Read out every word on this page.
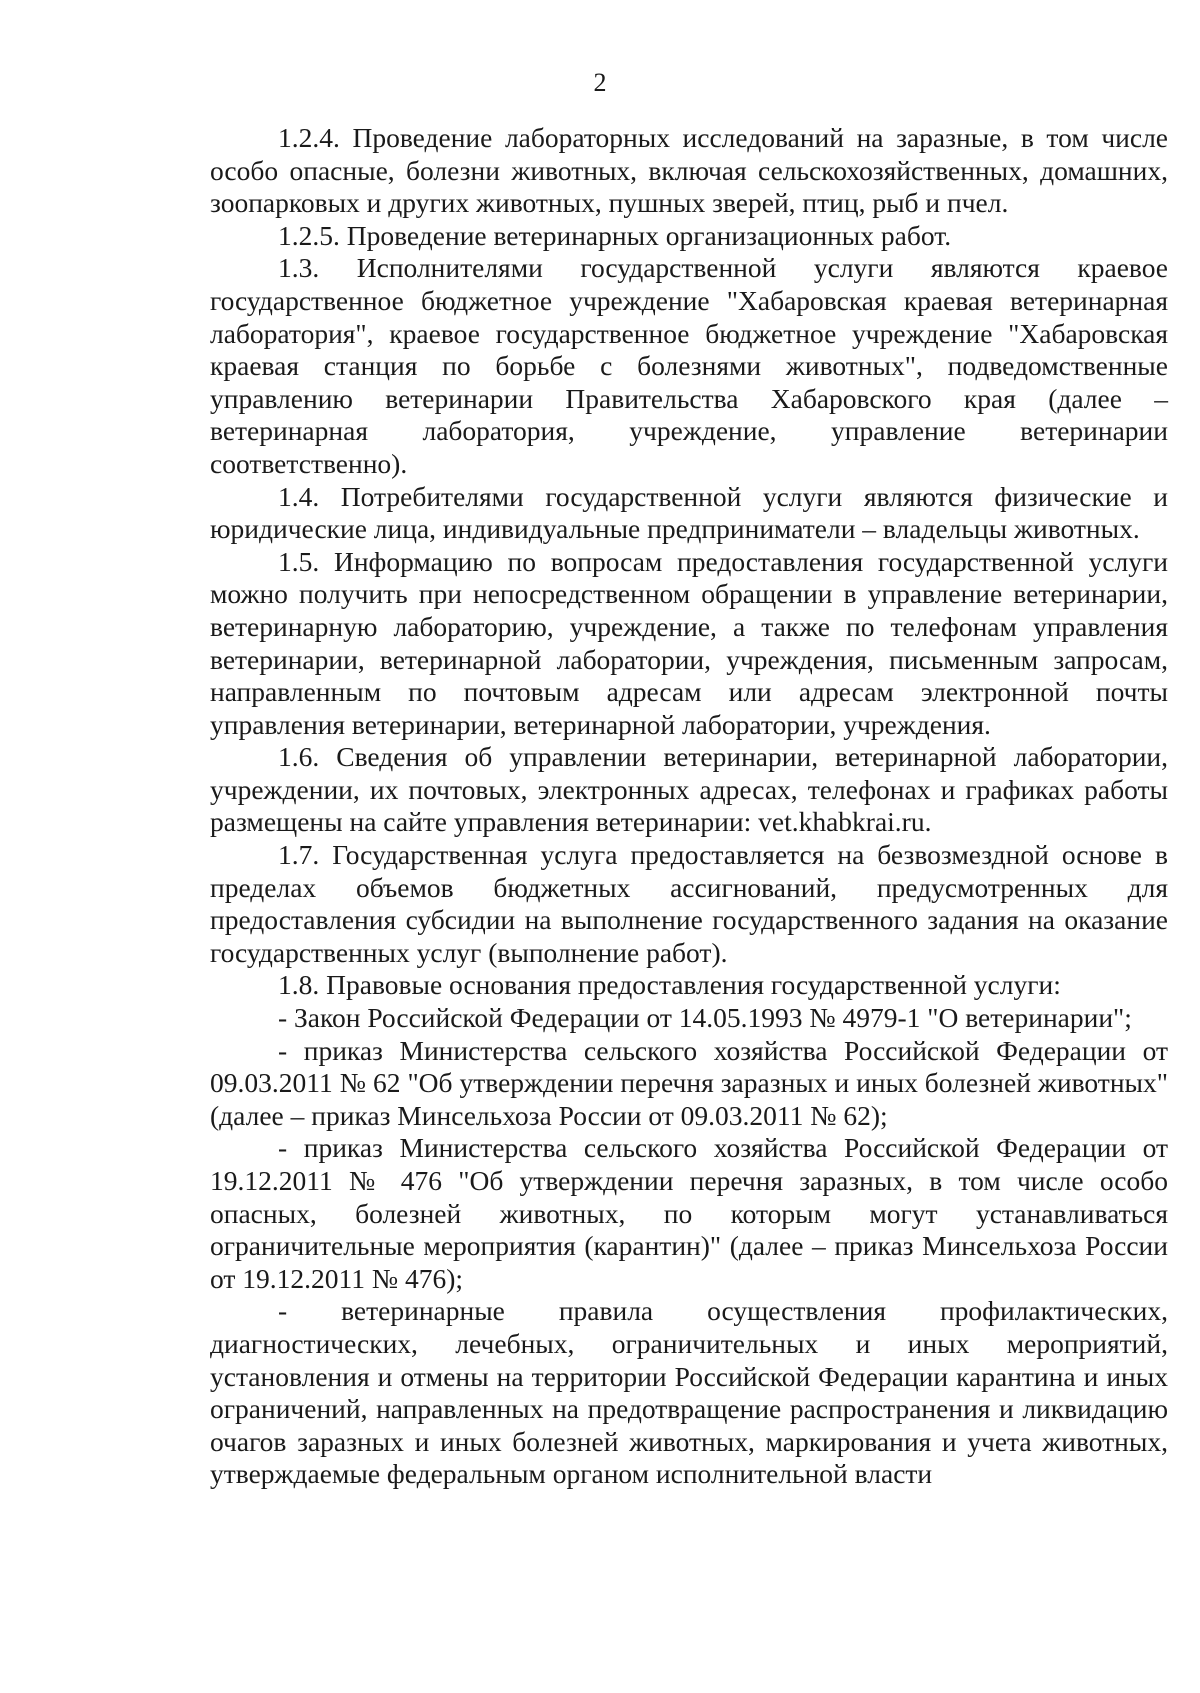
2

1.2.4. Проведение лабораторных исследований на заразные, в том числе особо опасные, болезни животных, включая сельскохозяйственных, домашних, зоопарковых и других животных, пушных зверей, птиц, рыб и пчел.

1.2.5. Проведение ветеринарных организационных работ.

1.3. Исполнителями государственной услуги являются краевое государственное бюджетное учреждение "Хабаровская краевая ветеринарная лаборатория", краевое государственное бюджетное учреждение "Хабаровская краевая станция по борьбе с болезнями животных", подведомственные управлению ветеринарии Правительства Хабаровского края (далее – ветеринарная лаборатория, учреждение, управление ветеринарии соответственно).

1.4. Потребителями государственной услуги являются физические и юридические лица, индивидуальные предприниматели – владельцы животных.

1.5. Информацию по вопросам предоставления государственной услуги можно получить при непосредственном обращении в управление ветеринарии, ветеринарную лабораторию, учреждение, а также по телефонам управления ветеринарии, ветеринарной лаборатории, учреждения, письменным запросам, направленным по почтовым адресам или адресам электронной почты управления ветеринарии, ветеринарной лаборатории, учреждения.

1.6. Сведения об управлении ветеринарии, ветеринарной лаборатории, учреждении, их почтовых, электронных адресах, телефонах и графиках работы размещены на сайте управления ветеринарии: vet.khabkrai.ru.

1.7. Государственная услуга предоставляется на безвозмездной основе в пределах объемов бюджетных ассигнований, предусмотренных для предоставления субсидии на выполнение государственного задания на оказание государственных услуг (выполнение работ).

1.8. Правовые основания предоставления государственной услуги:

- Закон Российской Федерации от 14.05.1993 № 4979-1 "О ветеринарии";

- приказ Министерства сельского хозяйства Российской Федерации от 09.03.2011 № 62 "Об утверждении перечня заразных и иных болезней животных" (далее – приказ Минсельхоза России от 09.03.2011 № 62);

- приказ Министерства сельского хозяйства Российской Федерации от 19.12.2011 № 476 "Об утверждении перечня заразных, в том числе особо опасных, болезней животных, по которым могут устанавливаться ограничительные мероприятия (карантин)" (далее – приказ Минсельхоза России от 19.12.2011 № 476);

- ветеринарные правила осуществления профилактических, диагностических, лечебных, ограничительных и иных мероприятий, установления и отмены на территории Российской Федерации карантина и иных ограничений, направленных на предотвращение распространения и ликвидацию очагов заразных и иных болезней животных, маркирования и учета животных, утверждаемые федеральным органом исполнительной власти
